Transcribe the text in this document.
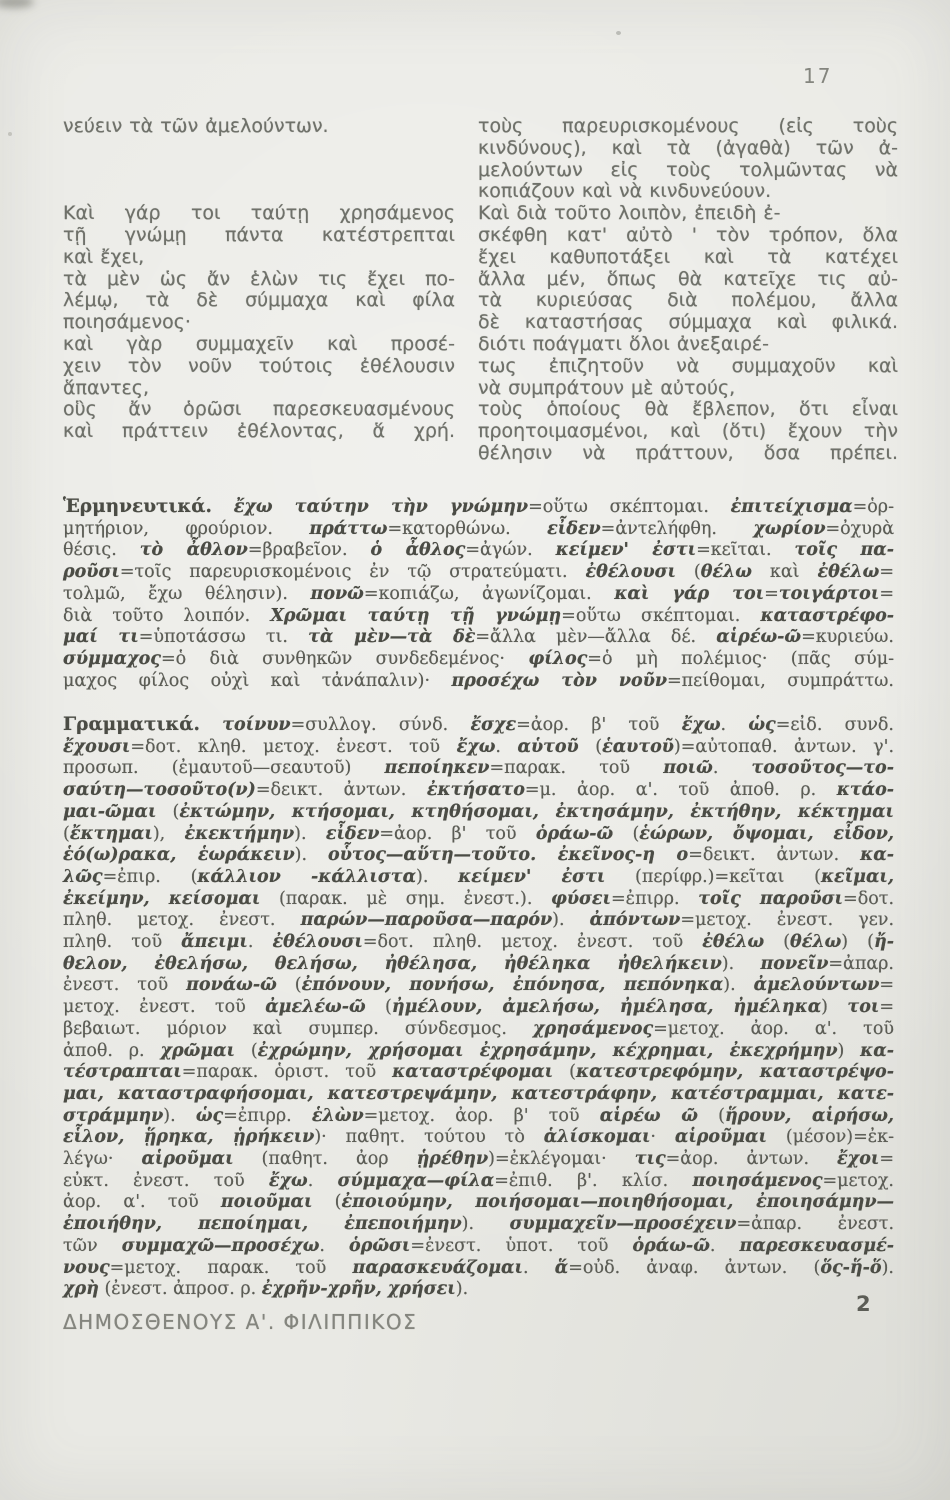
17
νεύειν τὰ τῶν ἀμελούντων.

Καὶ γάρ τοι ταύτῃ χρησάμενος
τῇ γνώμῃ πάντα κατέστρεπται
καὶ ἔχει,
τὰ μὲν ὡς ἄν ἑλὼν τις ἔχει πο-
λέμῳ, τὰ δὲ σύμμαχα καὶ φίλα
ποιησάμενος·
καὶ γὰρ συμμαχεῖν καὶ προσέ-
χειν τὸν νοῦν τούτοις ἐθέλουσιν
ἅπαντες,
οὓς ἄν ὁρῶσι παρεσκευασμένους
καὶ πράττειν ἐθέλοντας, ἅ χρή.
τοὺς παρευρισκομένους (εἰς τοὺς
κινδύνους), καὶ τὰ (ἀγαθὰ) τῶν ἀ-
μελούντων εἰς τοὺς τολμῶντας νὰ
κοπιάζουν καὶ νὰ κινδυνεύουν.
Καὶ διὰ τοῦτο λοιπὸν, ἐπειδὴ ἐ-
σκέφθη κατ' αὐτὸ ' τὸν τρόπον, ὅλα
ἔχει καθυποτάξει καὶ τὰ κατέχει
ἄλλα μέν, ὅπως θὰ κατεῖχε τις αὐ-
τὰ κυριεύσας διὰ πολέμου, ἄλλα
δὲ καταστήσας σύμμαχα καὶ φιλικά.
διότι ποάγματι ὅλοι ἀνεξαιρέ-
τως ἐπιζητοῦν νὰ συμμαχοῦν καὶ
νὰ συμπράτουν μὲ αὐτούς,
τοὺς ὁποίους θὰ ἔβλεπον, ὅτι εἶναι
προητοιμασμένοι, καὶ (ὅτι) ἔχουν τὴν
θέλησιν νὰ πράττουν, ὅσα πρέπει.
Ἑρμηνευτικά. ἔχω ταύτην τὴν γνώμην=οὕτω σκέπτομαι. ἐπιτείχισμα=ὁρ-
μητήριον, φρούριον. πράττω=κατορθώνω. εἶδεν=ἀντελήφθη. χωρίον=ὀχυρὰ
θέσις. τὸ ἆθλον=βραβεῖον. ὁ ἆθλος=ἀγών. κείμεν' ἐστι=κεῖται. τοῖς πα-
ροῦσι=τοῖς παρευρισκομένοις ἐν τῷ στρατεύματι. ἐθέλουσι (θέλω καὶ ἐθέλω=
τολμῶ, ἔχω θέλησιν). πονῶ=κοπιάζω, ἀγωνίζομαι. καὶ γάρ τοι=τοιγάρτοι=
διὰ τοῦτο λοιπόν. Χρῶμαι ταύτῃ τῇ γνώμῃ=οὕτω σκέπτομαι. καταστρέφο-
μαί τι=ὑποτάσσω τι. τὰ μὲν—τὰ δὲ=ἄλλα μὲν—ἄλλα δέ. αἱρέω-ῶ=κυριεύω.
σύμμαχος=ὁ διὰ συνθηκῶν συνδεδεμένος· φίλος=ὁ μὴ πολέμιος· (πᾶς σύμ-
μαχος φίλος οὐχὶ καὶ τἀνάπαλιν)· προσέχω τὸν νοῦν=πείθομαι, συμπράττω.
Γραμματικά. τοίνυν=συλλογ. σύνδ. ἔσχε=ἀορ. β' τοῦ ἔχω. ὡς=εἰδ. συνδ.
ἔχουσι=δοτ. κληθ. μετοχ. ἐνεστ. τοῦ ἔχω. αὑτοῦ (ἑαυτοῦ)=αὐτοπαθ. ἀντων. γ'.
προσωπ. (ἐμαυτοῦ—σεαυτοῦ) πεποίηκεν=παρακ. τοῦ ποιῶ. τοσοῦτος—το-
σαύτη—τοσοῦτο(ν)=δεικτ. ἀντων. ἐκτήσατο=μ. ἀορ. α'. τοῦ ἀποθ. ρ. κτάο-
μαι-ῶμαι (ἐκτώμην, κτήσομαι, κτηθήσομαι, ἐκτησάμην, ἐκτήθην, κέκτημαι
(ἔκτημαι), ἐκεκτήμην). εἶδεν=ἀορ. β' τοῦ ὁράω-ῶ (ἑώρων, ὄψομαι, εἶδον,
ἑό(ω)ρακα, ἑωράκειν). οὗτος—αὕτη—τοῦτο. ἐκεῖνος-η ο=δεικτ. ἀντων. κα-
λῶς=ἐπιρ. (κάλλιον -κάλλιστα). κείμεν' ἐστι (περίφρ.)=κεῖται (κεῖμαι,
ἐκείμην, κείσομαι (παρακ. μὲ σημ. ἐνεστ.). φύσει=ἐπιρρ. τοῖς παροῦσι=δοτ.
πληθ. μετοχ. ἐνεστ. παρών—παροῦσα—παρόν). ἀπόντων=μετοχ. ἐνεστ. γεν.
πληθ. τοῦ ἄπειμι. ἐθέλουσι=δοτ. πληθ. μετοχ. ἐνεστ. τοῦ ἐθέλω (θέλω) (ἤ-
θελον, ἐθελήσω, θελήσω, ἠθέλησα, ἠθέληκα ἠθελήκειν). πονεῖν=ἀπαρ.
ἐνεστ. τοῦ πονάω-ῶ (ἐπόνουν, πονήσω, ἐπόνησα, πεπόνηκα). ἀμελούντων=
μετοχ. ἐνεστ. τοῦ ἀμελέω-ῶ (ἠμέλουν, ἀμελήσω, ἠμέλησα, ἠμέληκα) τοι=
βεβαιωτ. μόριον καὶ συμπερ. σύνδεσμος. χρησάμενος=μετοχ. ἀορ. α'. τοῦ
ἀποθ. ρ. χρῶμαι (ἐχρώμην, χρήσομαι ἐχρησάμην, κέχρημαι, ἐκεχρήμην) κα-
τέστραπται=παρακ. ὁριστ. τοῦ καταστρέφομαι (κατεστρεφόμην, καταστρέψο-
μαι, καταστραφήσομαι, κατεστρεψάμην, κατεστράφην, κατέστραμμαι, κατε-
στράμμην). ὡς=ἐπιρρ. ἑλὼν=μετοχ. ἀορ. β' τοῦ αἱρέω ῶ (ἥρουν, αἱρήσω,
εἷλον, ᾕρηκα, ᾑρήκειν)· παθητ. τούτου τὸ ἁλίσκομαι· αἱροῦμαι (μέσον)=ἐκ-
λέγω· αἱροῦμαι (παθητ. ἀορ ᾑρέθην)=ἐκλέγομαι· τις=ἀορ. ἀντων. ἔχοι=
εὐκτ. ἐνεστ. τοῦ ἔχω. σύμμαχα—φίλα=ἐπιθ. β'. κλίσ. ποιησάμενος=μετοχ.
ἀορ. α'. τοῦ ποιοῦμαι (ἐποιούμην, ποιήσομαι—ποιηθήσομαι, ἐποιησάμην—
ἐποιήθην, πεποίημαι, ἐπεποιήμην). συμμαχεῖν—προσέχειν=ἀπαρ. ἐνεστ.
τῶν συμμαχῶ—προσέχω. ὁρῶσι=ἐνεστ. ὑποτ. τοῦ ὁράω-ῶ. παρεσκευασμέ-
νους=μετοχ. παρακ. τοῦ παρασκευάζομαι. ἅ=οὐδ. ἀναφ. ἀντων. (ὅς-ἥ-ὅ).
χρὴ (ἐνεστ. ἀπροσ. ρ. ἐχρῆν-χρῆν, χρήσει).
ΔΗΜΟΣΘΕΝΟΥΣ Α'. ΦΙΛΙΠΠΙΚΟΣ
2
